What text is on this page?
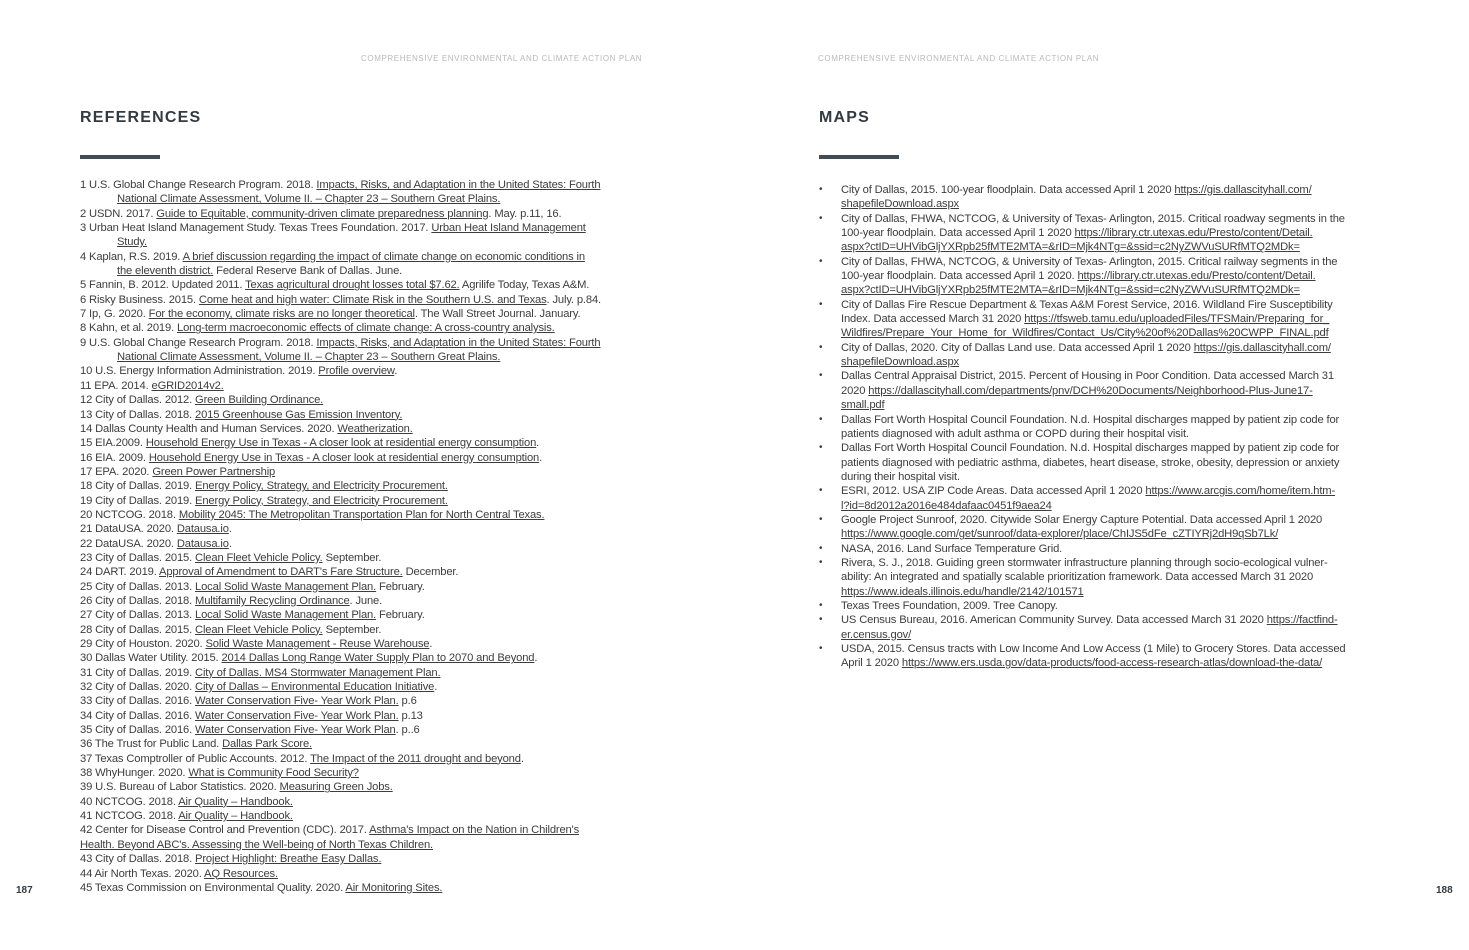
COMPREHENSIVE ENVIRONMENTAL AND CLIMATE ACTION PLAN
REFERENCES
1 U.S. Global Change Research Program. 2018. Impacts, Risks, and Adaptation in the United States: Fourth
National Climate Assessment, Volume II. – Chapter 23 – Southern Great Plains.
2 USDN. 2017. Guide to Equitable, community-driven climate preparedness planning. May. p.11, 16.
3 Urban Heat Island Management Study. Texas Trees Foundation. 2017. Urban Heat Island Management
Study.
4 Kaplan, R.S. 2019. A brief discussion regarding the impact of climate change on economic conditions in
the eleventh district. Federal Reserve Bank of Dallas. June.
5 Fannin, B. 2012. Updated 2011. Texas agricultural drought losses total $7.62. Agrilife Today, Texas A&M.
6 Risky Business. 2015. Come heat and high water: Climate Risk in the Southern U.S. and Texas. July. p.84.
7 Ip, G. 2020. For the economy, climate risks are no longer theoretical. The Wall Street Journal. January.
8 Kahn, et al. 2019. Long-term macroeconomic effects of climate change: A cross-country analysis.
9 U.S. Global Change Research Program. 2018. Impacts, Risks, and Adaptation in the United States: Fourth
National Climate Assessment, Volume II. – Chapter 23 – Southern Great Plains.
10 U.S. Energy Information Administration. 2019. Profile overview.
11 EPA. 2014. eGRID2014v2.
12 City of Dallas. 2012. Green Building Ordinance.
13 City of Dallas. 2018. 2015 Greenhouse Gas Emission Inventory.
14 Dallas County Health and Human Services. 2020. Weatherization.
15 EIA.2009. Household Energy Use in Texas - A closer look at residential energy consumption.
16 EIA. 2009. Household Energy Use in Texas - A closer look at residential energy consumption.
17 EPA. 2020. Green Power Partnership
18 City of Dallas. 2019. Energy Policy, Strategy, and Electricity Procurement.
19 City of Dallas. 2019. Energy Policy, Strategy, and Electricity Procurement.
20 NCTCOG. 2018. Mobility 2045: The Metropolitan Transportation Plan for North Central Texas.
21 DataUSA. 2020. Datausa.io.
22 DataUSA. 2020. Datausa.io.
23 City of Dallas. 2015. Clean Fleet Vehicle Policy. September.
24 DART. 2019. Approval of Amendment to DART's Fare Structure. December.
25 City of Dallas. 2013. Local Solid Waste Management Plan. February.
26 City of Dallas. 2018. Multifamily Recycling Ordinance. June.
27 City of Dallas. 2013. Local Solid Waste Management Plan. February.
28 City of Dallas. 2015. Clean Fleet Vehicle Policy. September.
29 City of Houston. 2020. Solid Waste Management - Reuse Warehouse.
30 Dallas Water Utility. 2015. 2014 Dallas Long Range Water Supply Plan to 2070 and Beyond.
31 City of Dallas. 2019. City of Dallas. MS4 Stormwater Management Plan.
32 City of Dallas. 2020. City of Dallas – Environmental Education Initiative.
33 City of Dallas. 2016. Water Conservation Five- Year Work Plan. p.6
34 City of Dallas. 2016. Water Conservation Five- Year Work Plan. p.13
35 City of Dallas. 2016. Water Conservation Five- Year Work Plan. p..6
36 The Trust for Public Land. Dallas Park Score.
37 Texas Comptroller of Public Accounts. 2012. The Impact of the 2011 drought and beyond.
38 WhyHunger. 2020. What is Community Food Security?
39 U.S. Bureau of Labor Statistics. 2020. Measuring Green Jobs.
40 NCTCOG. 2018. Air Quality – Handbook.
41 NCTCOG. 2018. Air Quality – Handbook.
42 Center for Disease Control and Prevention (CDC). 2017. Asthma's Impact on the Nation in Children's
Health. Beyond ABC's. Assessing the Well-being of North Texas Children.
43 City of Dallas. 2018. Project Highlight: Breathe Easy Dallas.
44 Air North Texas. 2020. AQ Resources.
45 Texas Commission on Environmental Quality. 2020. Air Monitoring Sites.
187
COMPREHENSIVE ENVIRONMENTAL AND CLIMATE ACTION PLAN
MAPS
• City of Dallas, 2015. 100-year floodplain. Data accessed April 1 2020 https://gis.dallascityhall.com/
shapefileDownload.aspx
• City of Dallas, FHWA, NCTCOG, & University of Texas- Arlington, 2015. Critical roadway segments in the
100-year floodplain. Data accessed April 1 2020 https://library.ctr.utexas.edu/Presto/content/Detail.
aspx?ctID=UHVibGljYXRpb25fMTE2MTA=&rID=Mjk4NTg=&ssid=c2NyZWVuSURfMTQ2MDk=
• City of Dallas, FHWA, NCTCOG, & University of Texas- Arlington, 2015. Critical railway segments in the
100-year floodplain. Data accessed April 1 2020. https://library.ctr.utexas.edu/Presto/content/Detail.
aspx?ctID=UHVibGljYXRpb25fMTE2MTA=&rID=Mjk4NTg=&ssid=c2NyZWVuSURfMTQ2MDk=
• City of Dallas Fire Rescue Department & Texas A&M Forest Service, 2016. Wildland Fire Susceptibility
Index. Data accessed March 31 2020 https://tfsweb.tamu.edu/uploadedFiles/TFSMain/Preparing_for_
Wildfires/Prepare_Your_Home_for_Wildfires/Contact_Us/City%20of%20Dallas%20CWPP_FINAL.pdf
• City of Dallas, 2020. City of Dallas Land use. Data accessed April 1 2020 https://gis.dallascityhall.com/
shapefileDownload.aspx
• Dallas Central Appraisal District, 2015. Percent of Housing in Poor Condition. Data accessed March 31
2020 https://dallascityhall.com/departments/pnv/DCH%20Documents/Neighborhood-Plus-June17-
small.pdf
• Dallas Fort Worth Hospital Council Foundation. N.d. Hospital discharges mapped by patient zip code for
patients diagnosed with adult asthma or COPD during their hospital visit.
• Dallas Fort Worth Hospital Council Foundation. N.d. Hospital discharges mapped by patient zip code for
patients diagnosed with pediatric asthma, diabetes, heart disease, stroke, obesity, depression or anxiety
during their hospital visit.
• ESRI, 2012. USA ZIP Code Areas. Data accessed April 1 2020 https://www.arcgis.com/home/item.htm-
l?id=8d2012a2016e484dafaac0451f9aea24
• Google Project Sunroof, 2020. Citywide Solar Energy Capture Potential. Data accessed April 1 2020
https://www.google.com/get/sunroof/data-explorer/place/ChIJS5dFe_cZTIYRj2dH9qSb7Lk/
• NASA, 2016. Land Surface Temperature Grid.
• Rivera, S. J., 2018. Guiding green stormwater infrastructure planning through socio-ecological vulner-
ability: An integrated and spatially scalable prioritization framework. Data accessed March 31 2020
https://www.ideals.illinois.edu/handle/2142/101571
• Texas Trees Foundation, 2009. Tree Canopy.
• US Census Bureau, 2016. American Community Survey. Data accessed March 31 2020 https://factfind-
er.census.gov/
• USDA, 2015. Census tracts with Low Income And Low Access (1 Mile) to Grocery Stores. Data accessed
April 1 2020 https://www.ers.usda.gov/data-products/food-access-research-atlas/download-the-data/
188
